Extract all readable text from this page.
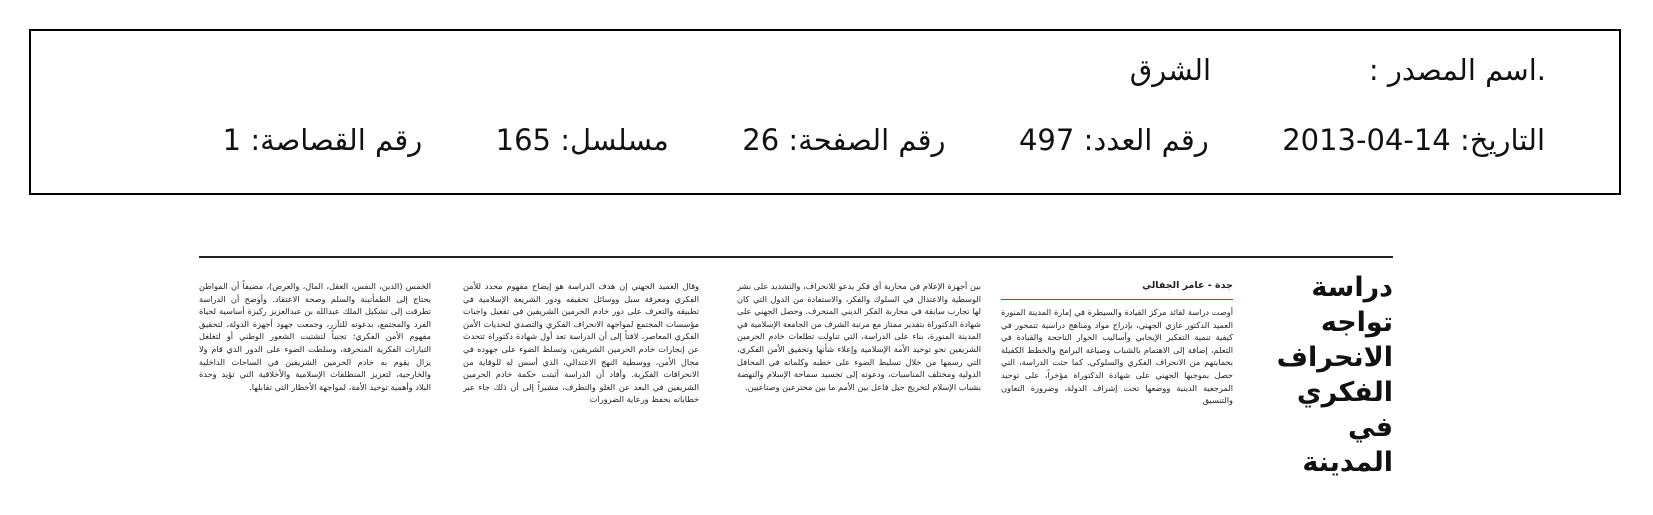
.اسم المصدر :
الشرق
التاريخ: 2013-04-14  رقم العدد: 497  رقم الصفحة: 26  مسلسل: 165  رقم القصاصة: 1
دراسة تواجه الانحراف الفكري في المدينة
جدة - عامر الجفالي

أوصت دراسة لقائد مركز القيادة والسيطرة في إمارة المدينة المنورة العميد الدكتور غازي الجهني، بإدراج مواد ومناهج دراسية تتمحور في كيفية تنمية التفكير الإيجابي وأساليب الحوار الناجحة والقيادة في التعلم، إضافة إلى الاهتمام بالشباب وصياغة البرامج والخطط الكفيلة بحمايتهم من الانحراف الفكري والسلوكي. كما حثت الدراسة، التي حصل بموجبها الجهني على شهادة الدكتوراة مؤخراً، على توحيد المرجعية الدينية ووضعها تحت إشراف الدولة، وضرورة التعاون والتنسيق

بين أجهزة الإعلام في محاربة أي فكر يدعو للانحراف، والتشديد على نشر الوسطية والاعتدال في السلوك والفكر، والاستفادة من الدول التي كان لها تجارب سابقة في محاربة الفكر الديني المنحرف. وحصل الجهني على شهادة الدكتوراة بتقدير ممتاز مع مرتبة الشرف من الجامعة الإسلامية في المدينة المنورة، بناء على الدراسة، التي تناولت تطلعات خادم الحرمين الشريفين نحو توحيد الأمة الإسلامية وإعلاء شأنها وتحقيق الأمن الفكري، التي رسمها من خلال تسليط الضوء على خطبه وكلماته في المحافل الدولية ومختلف المناسبات، ودعوته إلى تجسيد سماحة الإسلام والنهضة بشباب الإسلام لتخريج جيل فاعل بين الأمم ما بين مخترعين وصناعيين.

وقال العميد الجهني إن هدف الدراسة هو إيضاح مفهوم محدد للأمن الفكري ومعرفة سبل ووسائل تحقيقه ودور الشريعة الإسلامية في تطبيقه والتعرف على دور خادم الحرمين الشريفين في تفعيل واجبات مؤسسات المجتمع لمواجهة الانحراف الفكري والتصدي لتحديات الأمن الفكري المعاصر، لافتاً إلى أن الدراسة تعد أول شهادة دكتوراة تتحدث عن إنجازات خادم الحرمين الشريفين، وتسلط الضوء على جهوده في مجال الأمن، ووسطية النهج الاعتدالي، الذي أسس له للوقاية من الانحرافات الفكرية. وأفاد أن الدراسة أثبتت حكمة خادم الحرمين الشريفين في البعد عن الغلو والتطرف، مشيراً إلى أن ذلك جاء عبر خطاباته بحفظ ورعاية الضرورات

الخمس (الدين، النفس، العقل، المال، والعرض)، مضيفاً أن المواطن يحتاج إلى الطمأنينة والسلم وصحة الاعتقاد. وأوضح أن الدراسة تطرقت إلى تشكيل الملك عبدالله بن عبدالعزيز ركيزة أساسية لحياة الفرد والمجتمع، بدعوته للتآزر، وجمعت جهود أجهزة الدولة، لتحقيق مفهوم الأمن الفكري؛ تجنباً لتشتيت الشعور الوطني أو لتغلغل التيارات الفكرية المنحرفة، وسلطت الضوء على الدور الذي قام ولا يزال يقوم به خادم الحرمين الشريفين في الساحات الداخلية والخارجية، لتعزيز المنطلقات الإسلامية والأخلاقية التي تؤيد وحدة البلاد وأهمية توحيد الأمة، لمواجهة الأخطار التي تقابلها.
